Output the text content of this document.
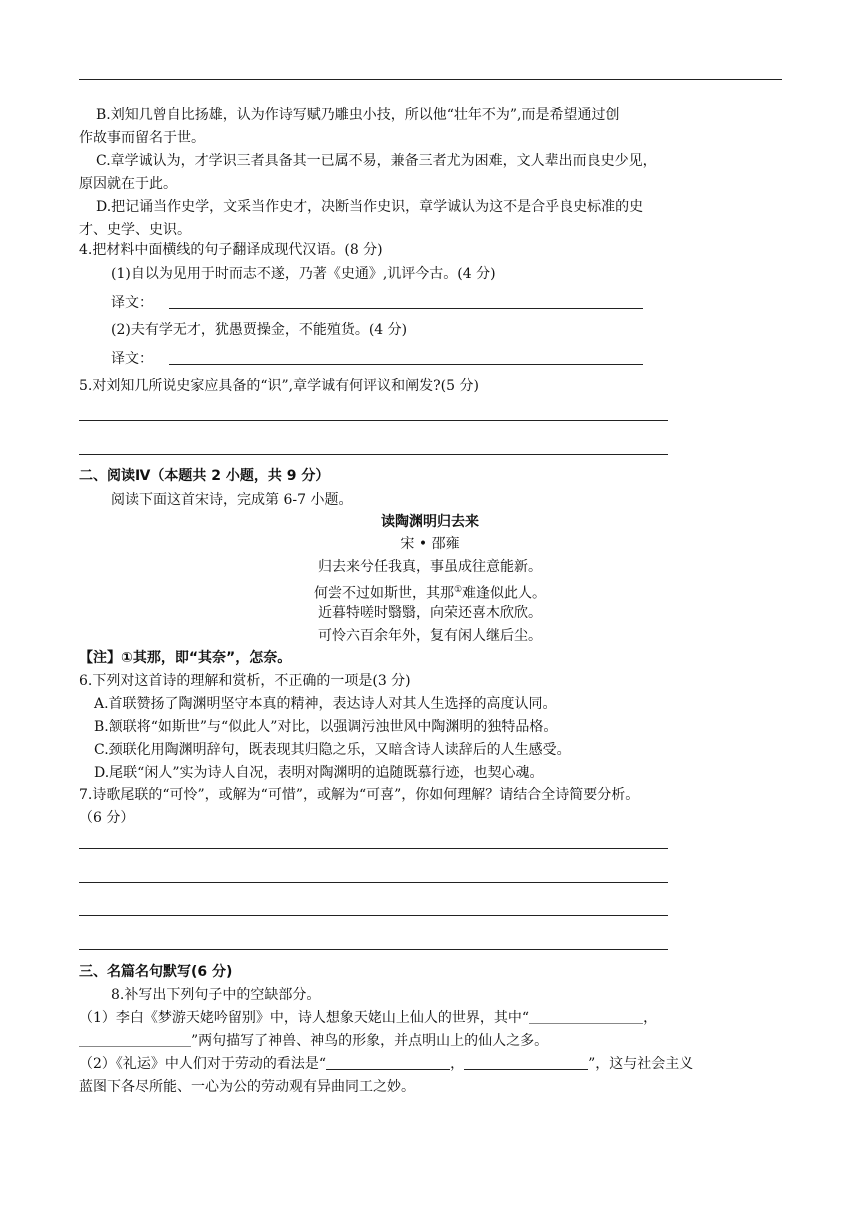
B.刘知几曾自比扬雄，认为作诗写赋乃雕虫小技，所以他“壮年不为”,而是希望通过创
作故事而留名于世。
C.章学诚认为，才学识三者具备其一已属不易，兼备三者尤为困难，文人辈出而良史少见，
原因就在于此。
D.把记诵当作史学，文采当作史才，决断当作史识，章学诚认为这不是合乎良史标准的史
才、史学、史识。
4.把材料中面横线的句子翻译成现代汉语。(8 分)
(1)自以为见用于时而志不遂，乃著《史通》,讥评今古。(4 分)
译文：
(2)夫有学无才，犹愚贾操金，不能殖货。(4 分)
译文：
5.对刘知几所说史家应具备的“识”,章学诚有何评议和阐发?(5 分)
二、阅读Ⅳ（本题共 2 小题，共 9 分）
阅读下面这首宋诗，完成第 6-7 小题。
读陶渊明归去来
宋 • 邵雍
归去来兮任我真，事虽成往意能新。
何尝不过如斯世，其那①难逢似此人。
近暮特嗟时翳翳，向荣还喜木欣欣。
可怜六百余年外，复有闲人继后尘。
【注】①其那，即“其奈”，怎奈。
6.下列对这首诗的理解和赏析，不正确的一项是(3 分)
A.首联赞扬了陶渊明坚守本真的精神，表达诗人对其人生选择的高度认同。
B.颔联将“如斯世”与“似此人”对比，以强调污浊世风中陶渊明的独特品格。
C.颈联化用陶渊明辞句，既表现其归隐之乐，又暗含诗人读辞后的人生感受。
D.尾联“闲人”实为诗人自况，表明对陶渊明的追随既慕行迹，也契心魂。
7.诗歌尾联的“可怜”，或解为“可惜”，或解为“可喜”，你如何理解？请结合全诗简要分析。
（6 分）
三、名篇名句默写(6 分)
8.补写出下列句子中的空缺部分。
（1）李白《梦游天姥吟留别》中，诗人想象天姥山上仙人的世界，其中“	，
”两句描写了神兽、神鸟的形象，并点明山上的仙人之多。
（2）《礼运》中人们对于劳动的看法是“	，	”，这与社会主义
蓝图下各尽所能、一心为公的劳动观有异曲同工之妙。
